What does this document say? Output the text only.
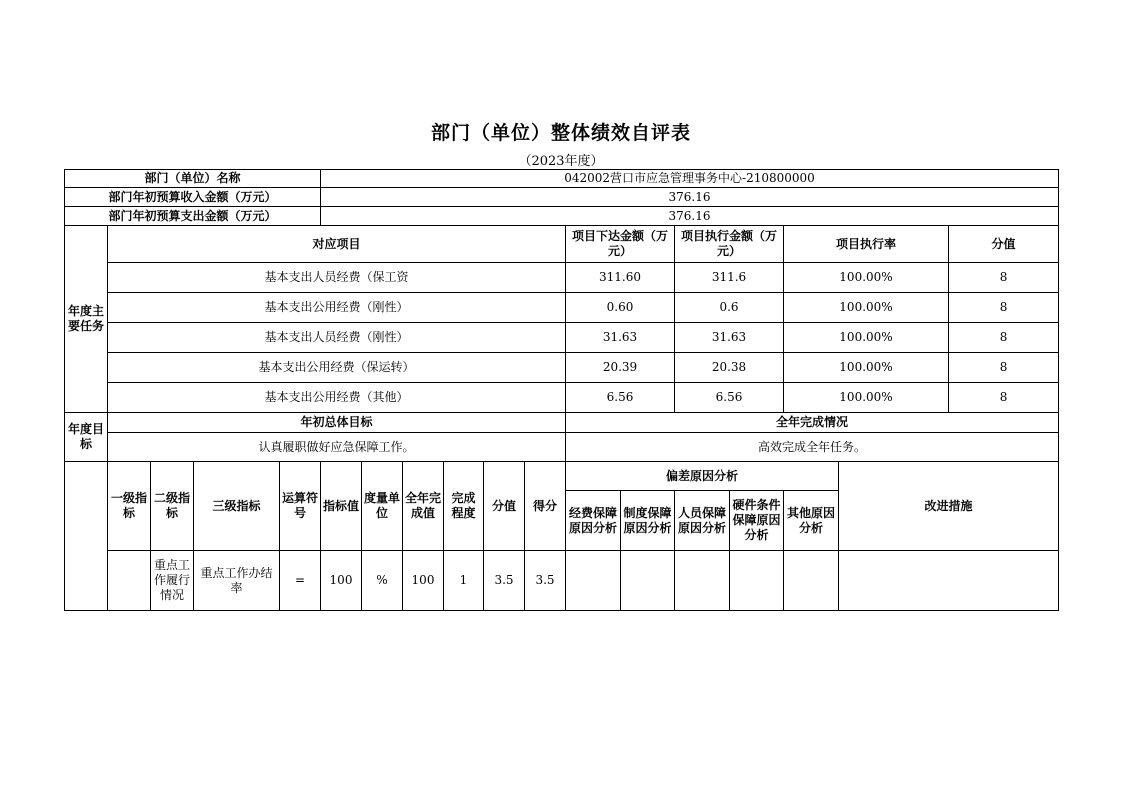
部门（单位）整体绩效自评表
（2023年度）
部门（单位）名称					042002营口市应急管理事务中心-210800000													
部门年初预算收入金额（万元）					376.16													
部门年初预算支出金额（万元）					376.16													
年度主要任务	对应项目										项目下达金额（万元）		项目执行金额（万元）		项目执行率		分值	
	基本支出人员经费（保工资										311.60		311.6		100.00%		8	
	基本支出公用经费（刚性）										0.60		0.6		100.00%		8	
	基本支出人员经费（刚性）										31.63		31.63		100.00%		8	
	基本支出公用经费（保运转）										20.39		20.38		100.00%		8	
	基本支出公用经费（其他）										6.56		6.56		100.00%		8	
年度目标	年初总体目标										全年完成情况							
	认真履职做好应急保障工作。										高效完成全年任务。							
	一级指标	二级指标	三级指标	运算符号	指标值	度量单位	全年完成值	完成程度	分值	得分	偏差原因分析					改进措施		
											经费保障原因分析	制度保障原因分析	人员保障原因分析	硬件条件保障原因分析	其他原因分析			
		重点工作履行情况	重点工作办结率	=	100	%	100	1	3.5	3.5								
